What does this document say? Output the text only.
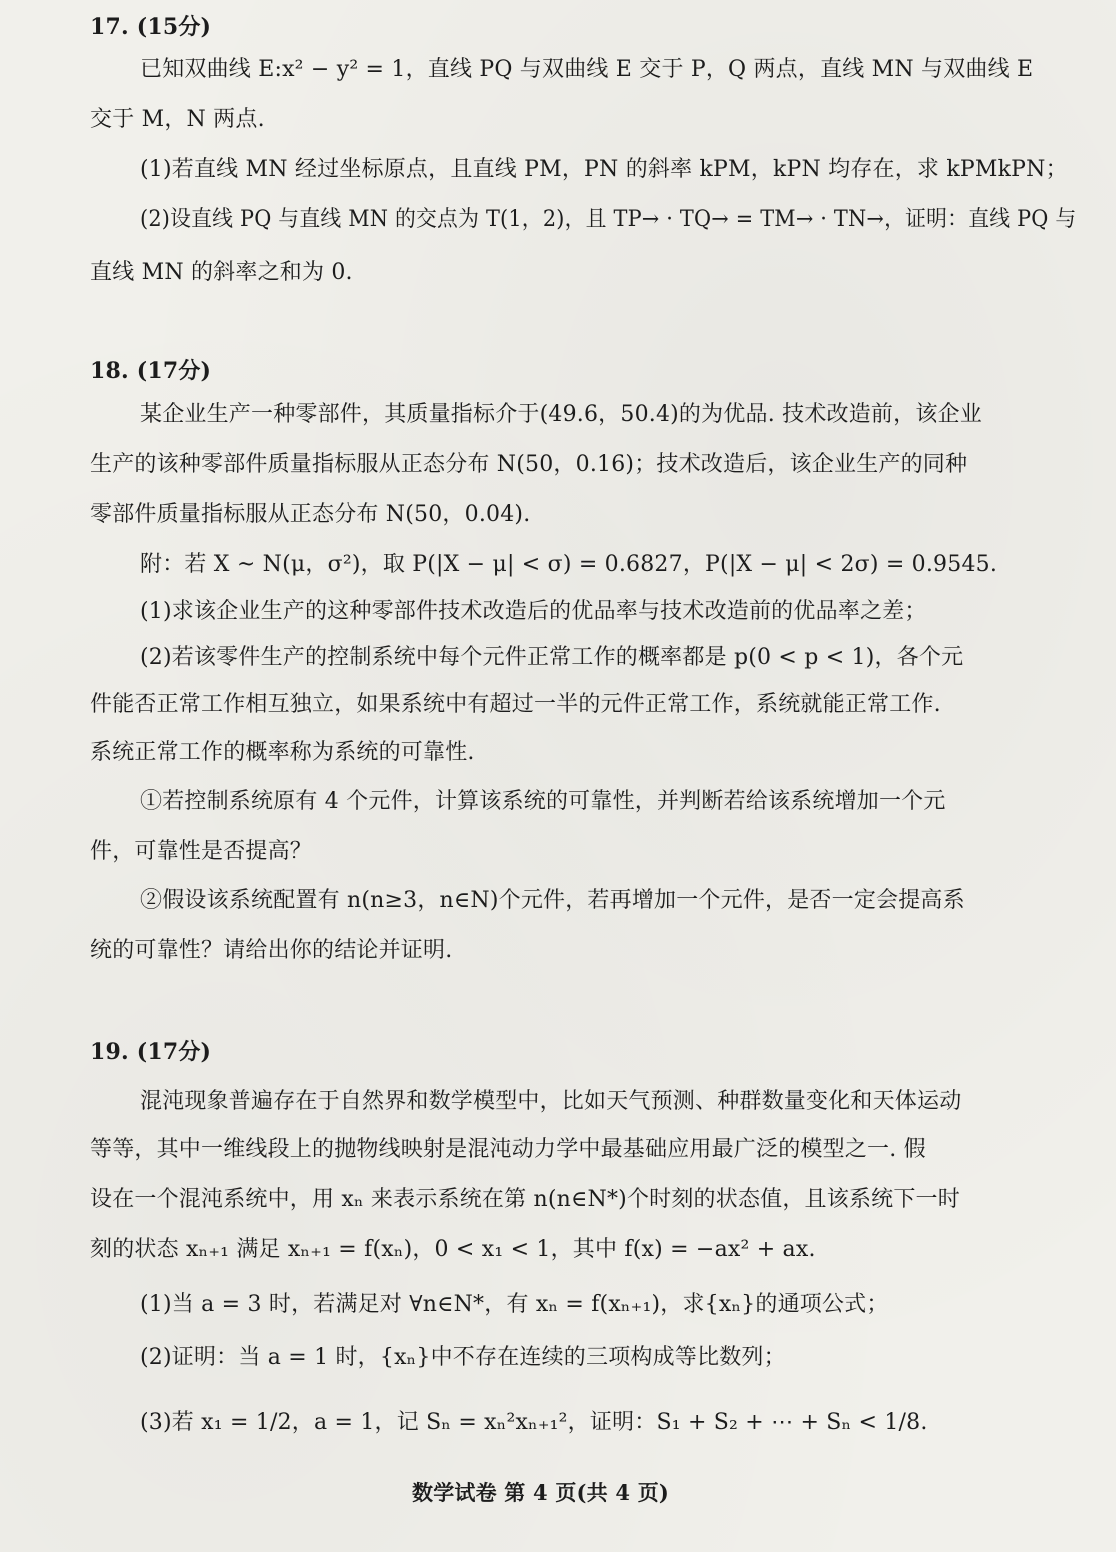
17. (15分)
已知双曲线 E:x² − y² = 1，直线 PQ 与双曲线 E 交于 P，Q 两点，直线 MN 与双曲线 E
交于 M，N 两点.
(1)若直线 MN 经过坐标原点，且直线 PM，PN 的斜率 kPM，kPN 均存在，求 kPMkPN；
(2)设直线 PQ 与直线 MN 的交点为 T(1，2)，且 TP→ · TQ→ = TM→ · TN→，证明：直线 PQ 与
直线 MN 的斜率之和为 0.
18. (17分)
某企业生产一种零部件，其质量指标介于(49.6，50.4)的为优品. 技术改造前，该企业
生产的该种零部件质量指标服从正态分布 N(50，0.16)；技术改造后，该企业生产的同种
零部件质量指标服从正态分布 N(50，0.04).
附：若 X ~ N(μ，σ²)，取 P(|X − μ| < σ) = 0.6827，P(|X − μ| < 2σ) = 0.9545.
(1)求该企业生产的这种零部件技术改造后的优品率与技术改造前的优品率之差；
(2)若该零件生产的控制系统中每个元件正常工作的概率都是 p(0 < p < 1)，各个元
件能否正常工作相互独立，如果系统中有超过一半的元件正常工作，系统就能正常工作.
系统正常工作的概率称为系统的可靠性.
①若控制系统原有 4 个元件，计算该系统的可靠性，并判断若给该系统增加一个元
件，可靠性是否提高？
②假设该系统配置有 n(n≥3，n∈N)个元件，若再增加一个元件，是否一定会提高系
统的可靠性？请给出你的结论并证明.
19. (17分)
混沌现象普遍存在于自然界和数学模型中，比如天气预测、种群数量变化和天体运动
等等，其中一维线段上的抛物线映射是混沌动力学中最基础应用最广泛的模型之一. 假
设在一个混沌系统中，用 xₙ 来表示系统在第 n(n∈N*)个时刻的状态值，且该系统下一时
刻的状态 xₙ₊₁ 满足 xₙ₊₁ = f(xₙ)，0 < x₁ < 1，其中 f(x) = −ax² + ax.
(1)当 a = 3 时，若满足对 ∀n∈N*，有 xₙ = f(xₙ₊₁)，求{xₙ}的通项公式；
(2)证明：当 a = 1 时，{xₙ}中不存在连续的三项构成等比数列；
(3)若 x₁ = 1/2，a = 1，记 Sₙ = xₙ²xₙ₊₁²，证明：S₁ + S₂ + ⋯ + Sₙ < 1/8.
数学试卷 第 4 页(共 4 页)
